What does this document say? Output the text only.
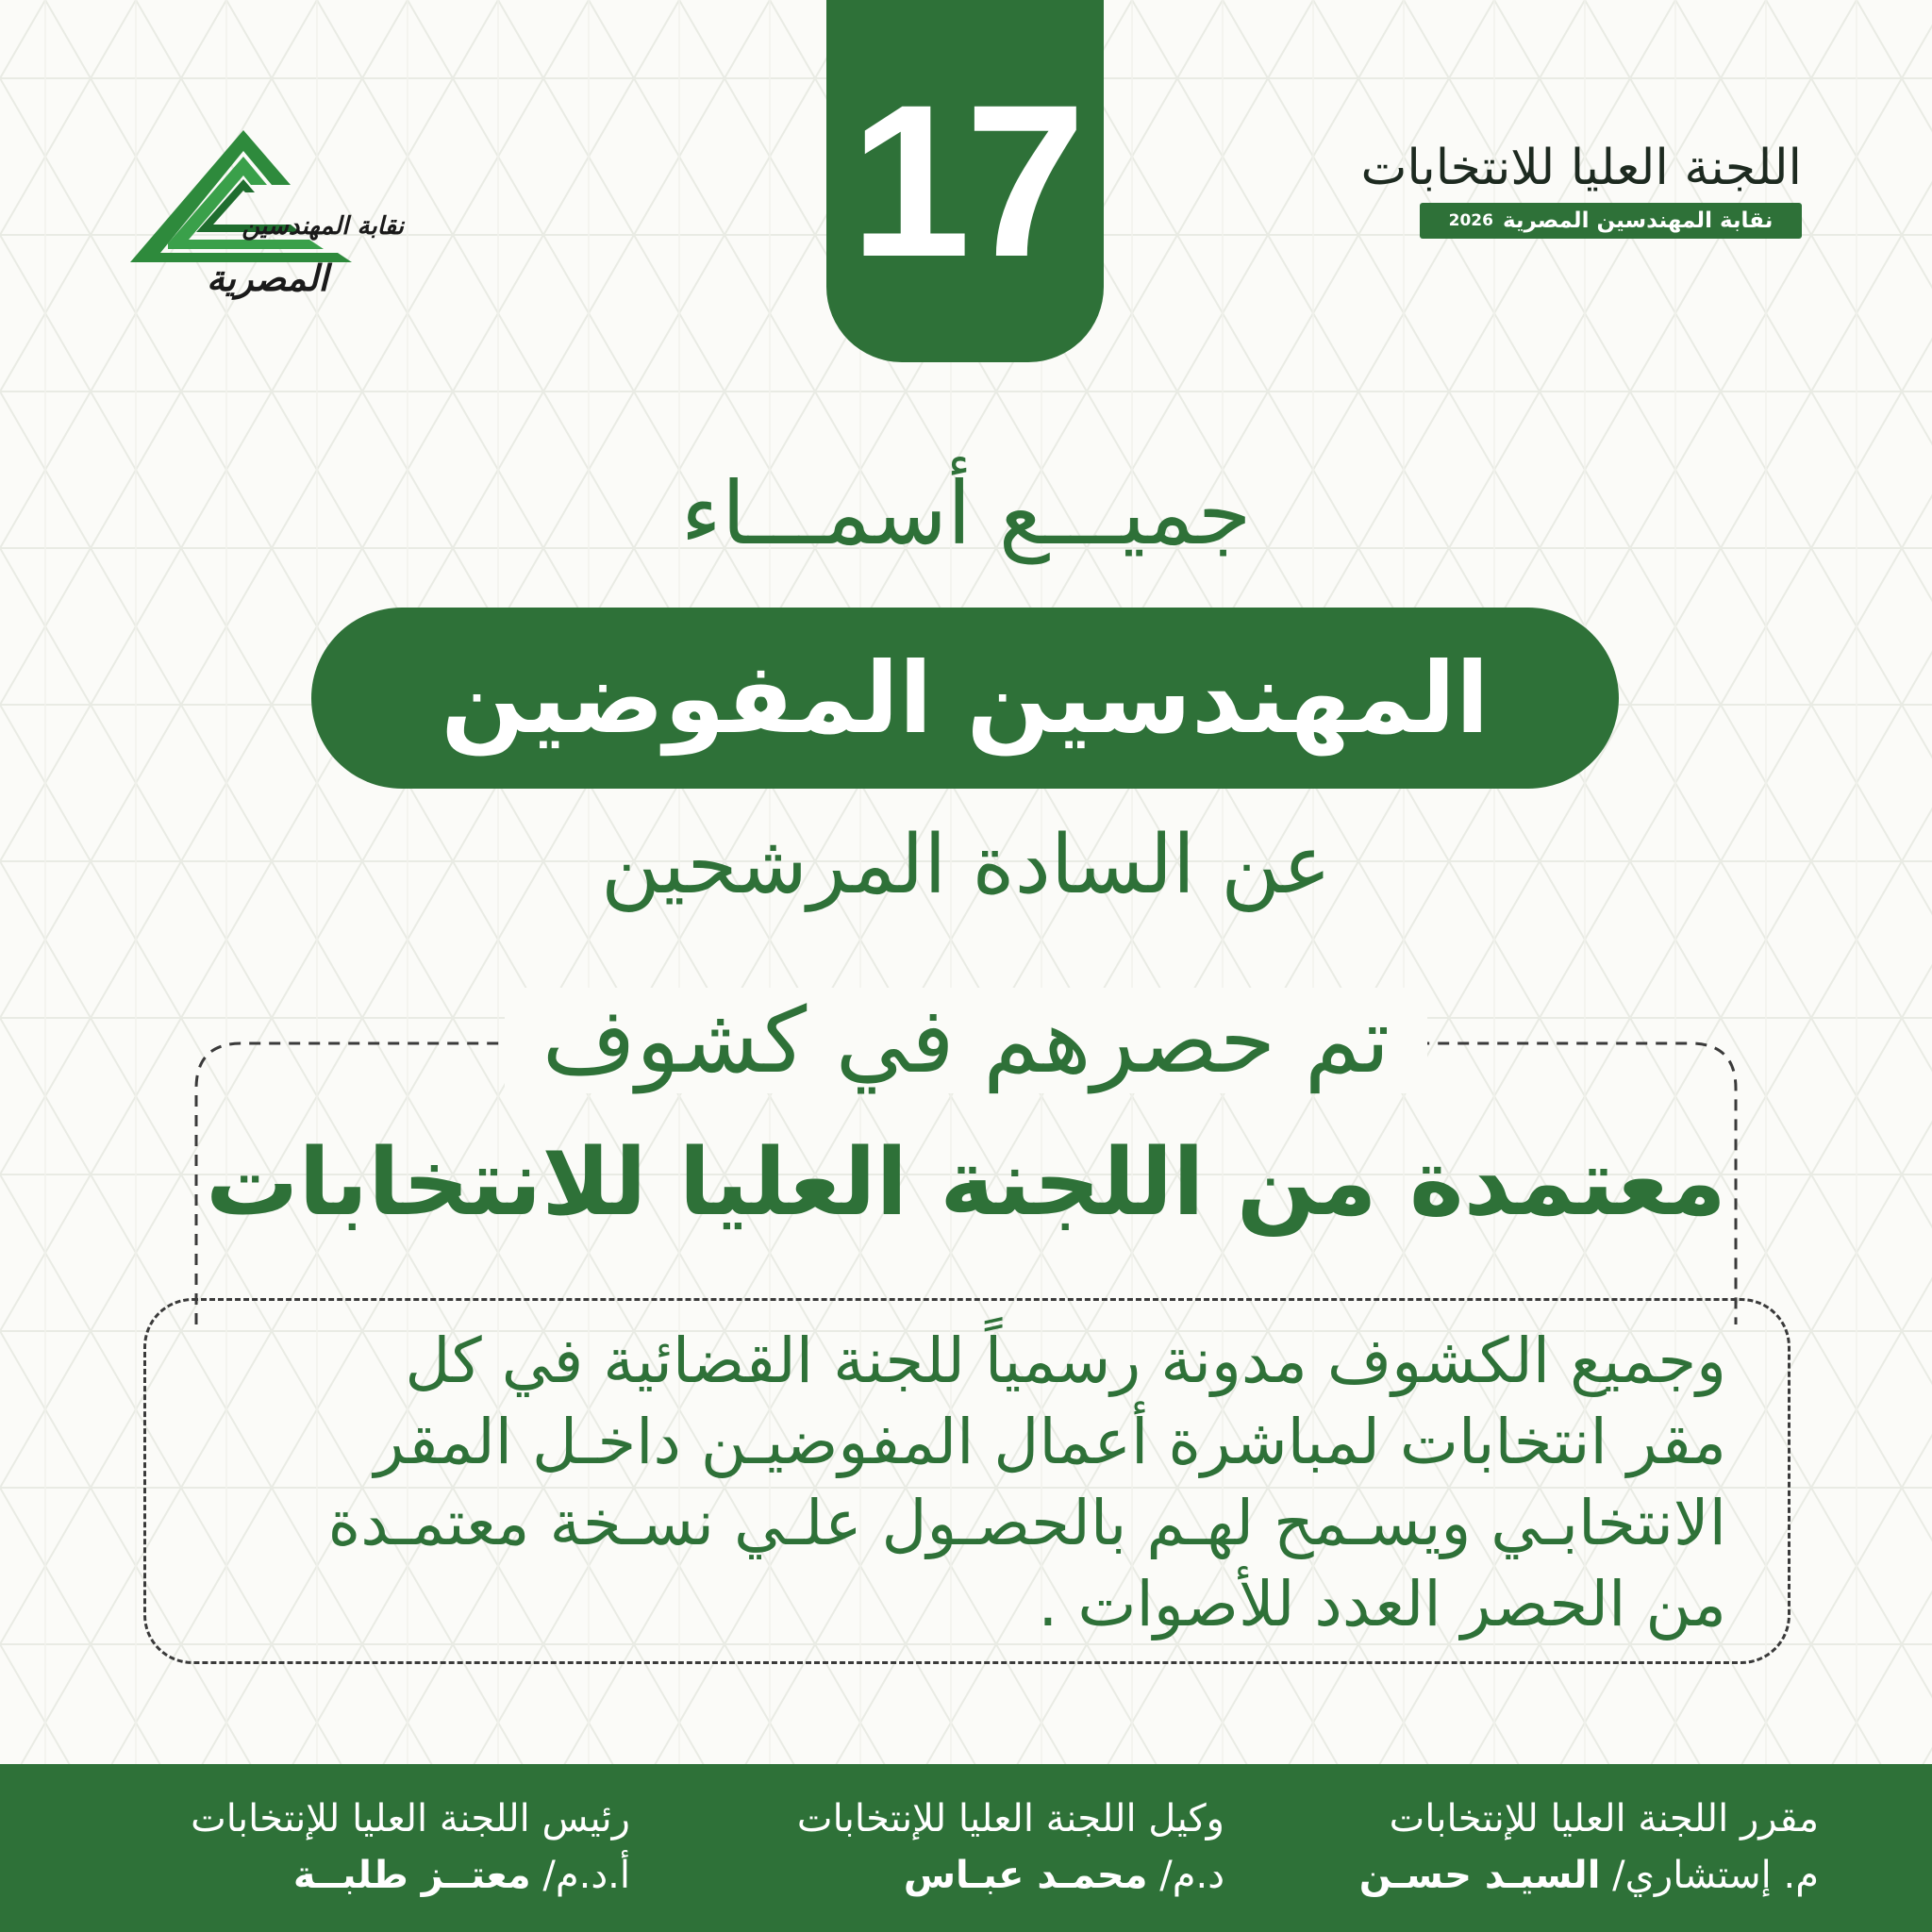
17
نقابة المهندسين
المصرية
اللجنة العليا للانتخابات
نقابة المهندسين المصرية
2026
جميـــع أسمـــاء
المهندسين المفوضين
عن السادة المرشحين
تم حصرهم في كشوف
معتمدة من اللجنة العليا للانتخابات
وجميع الكشوف مدونة رسمياً للجنة القضائية في كل
مقر انتخابات لمباشرة أعمال المفوضيـن داخـل المقر
الانتخابـي ويسـمح لهـم بالحصـول علـي نسـخة معتمـدة
من الحصر العدد للأصوات .
مقرر اللجنة العليا للإنتخابات
م. إستشاري/ السيـد حسـن
وكيل اللجنة العليا للإنتخابات
د.م/ محمـد عبـاس
رئيس اللجنة العليا للإنتخابات
أ.د.م/ معتــز طلبــة
